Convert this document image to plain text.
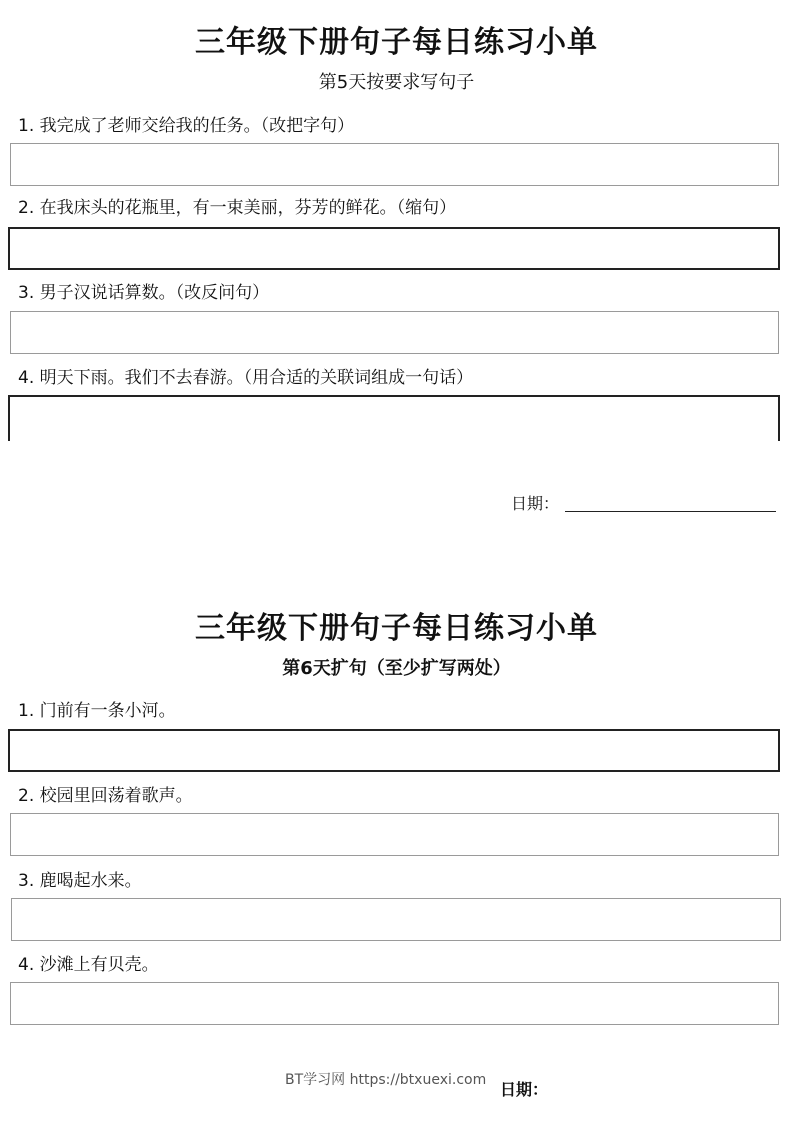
三年级下册句子每日练习小单
第5天按要求写句子
1. 我完成了老师交给我的任务。（改把字句）
2. 在我床头的花瓶里，有一束美丽，芬芳的鲜花。（缩句）
3. 男子汉说话算数。（改反问句）
4. 明天下雨。我们不去春游。（用合适的关联词组成一句话）
日期：
三年级下册句子每日练习小单
第6天扩句（至少扩写两处）
1. 门前有一条小河。
2. 校园里回荡着歌声。
3. 鹿喝起水来。
4. 沙滩上有贝壳。
BT学习网 https://btxuexi.com 日期：
